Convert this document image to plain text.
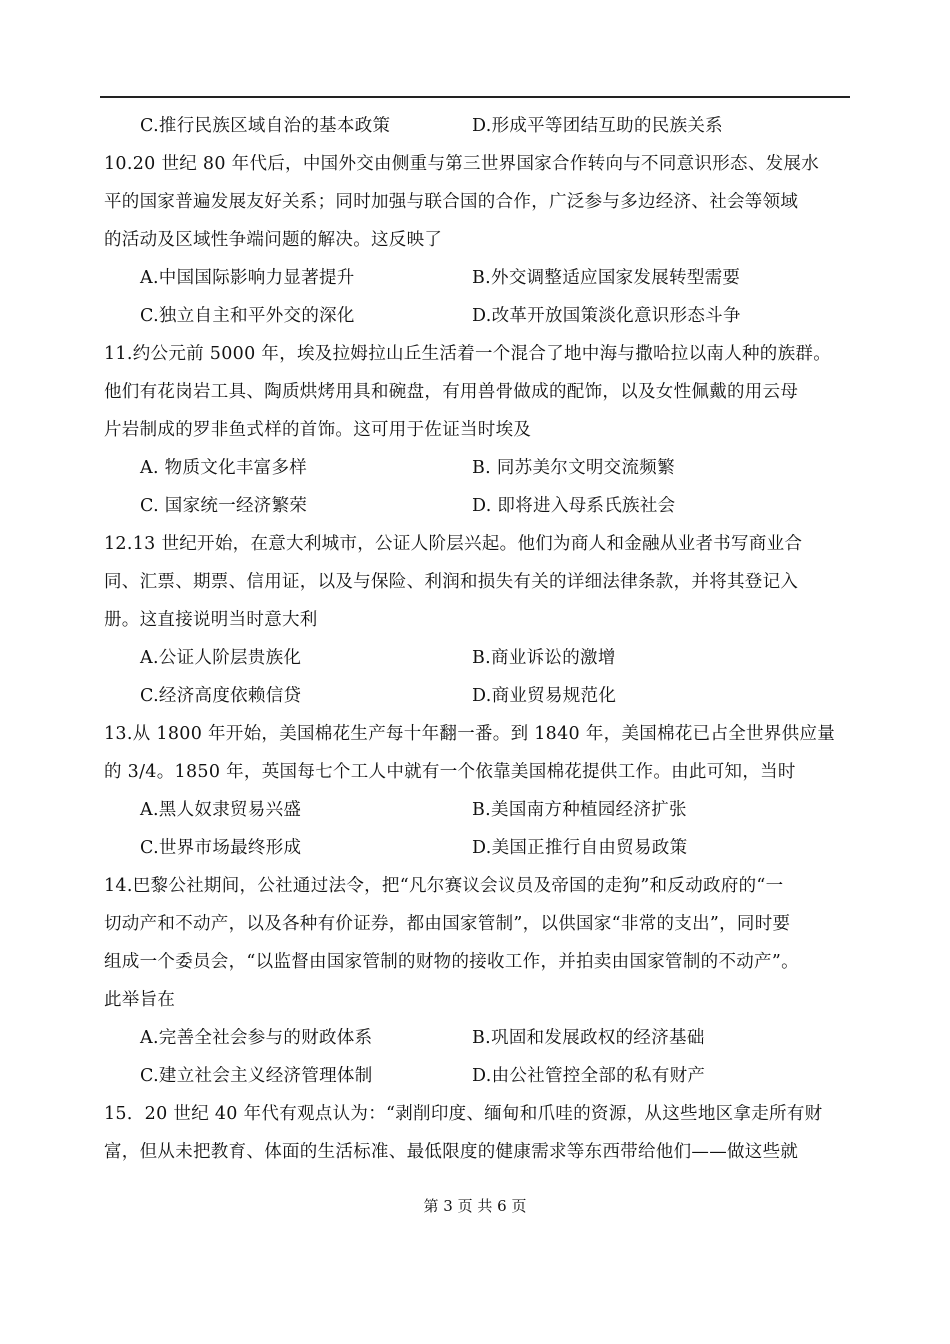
C.推行民族区域自治的基本政策	D.形成平等团结互助的民族关系
10.20 世纪 80 年代后，中国外交由侧重与第三世界国家合作转向与不同意识形态、发展水
平的国家普遍发展友好关系；同时加强与联合国的合作，广泛参与多边经济、社会等领域
的活动及区域性争端问题的解决。这反映了
A.中国国际影响力显著提升	B.外交调整适应国家发展转型需要
C.独立自主和平外交的深化	D.改革开放国策淡化意识形态斗争
11.约公元前 5000 年，埃及拉姆拉山丘生活着一个混合了地中海与撒哈拉以南人种的族群。
他们有花岗岩工具、陶质烘烤用具和碗盘，有用兽骨做成的配饰，以及女性佩戴的用云母
片岩制成的罗非鱼式样的首饰。这可用于佐证当时埃及
A. 物质文化丰富多样	B. 同苏美尔文明交流频繁
C. 国家统一经济繁荣	D. 即将进入母系氏族社会
12.13 世纪开始，在意大利城市，公证人阶层兴起。他们为商人和金融从业者书写商业合
同、汇票、期票、信用证，以及与保险、利润和损失有关的详细法律条款，并将其登记入
册。这直接说明当时意大利
A.公证人阶层贵族化	B.商业诉讼的激增
C.经济高度依赖信贷	D.商业贸易规范化
13.从 1800 年开始，美国棉花生产每十年翻一番。到 1840 年，美国棉花已占全世界供应量
的 3/4。1850 年，英国每七个工人中就有一个依靠美国棉花提供工作。由此可知，当时
A.黑人奴隶贸易兴盛	B.美国南方种植园经济扩张
C.世界市场最终形成	D.美国正推行自由贸易政策
14.巴黎公社期间，公社通过法令，把“凡尔赛议会议员及帝国的走狗”和反动政府的“一
切动产和不动产，以及各种有价证券，都由国家管制”，以供国家“非常的支出”，同时要
组成一个委员会，“以监督由国家管制的财物的接收工作，并拍卖由国家管制的不动产”。
此举旨在
A.完善全社会参与的财政体系	B.巩固和发展政权的经济基础
C.建立社会主义经济管理体制	D.由公社管控全部的私有财产
15．20 世纪 40 年代有观点认为：“剥削印度、缅甸和爪哇的资源，从这些地区拿走所有财
富，但从未把教育、体面的生活标准、最低限度的健康需求等东西带给他们——做这些就
第 3 页 共 6 页
